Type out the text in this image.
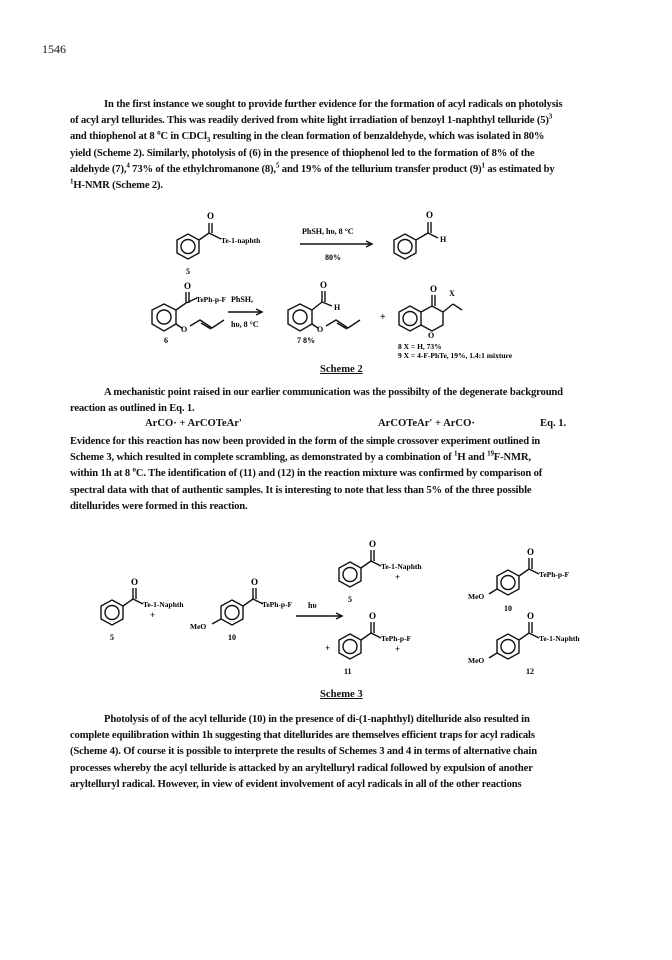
1546

In the first instance we sought to provide further evidence for the formation of acyl radicals on photolysis

of acyl aryl tellurides. This was readily derived from white light irradiation of benzoyl 1-naphthyl telluride $(5)^3$

and thiophenol at 8 $^o$C in CDCl$_3$ resulting in the clean formation of benzaldehyde, which was isolated in 80%

yield (Scheme 2). Similarly, photolysis of (6) in the presence of thiophenol led to the formation of 8% of the

aldehyde (7),$^4$ 73% of the ethylchromanone (8),$^5$ and 19% of the tellurium transfer product $(9)^1$ as estimated by

$^1$H-NMR (Scheme 2).

O
Te-1-naphth
5
PhSH, hυ, 8 °C
80%
O
H
O
TePh-p-F PhSH,
hυ, 8 °C
O
6
O
H
O
7 8%
+
O X
O
8 X = H, 73%
9 X = 4-F-PhTe, 19%, 1.4:1 mixture
Scheme 2

A mechanistic point raised in our earlier communication was the possibilty of the degenerate background

reaction as outlined in Eq. 1.

ArCO· + ArCOTeAr'	ArCOTeAr' + ArCO·	Eq. 1.

Evidence for this reaction has now been provided in the form of the simple crossover experiment outlined in

Scheme 3, which resulted in complete scrambling, as demonstrated by a combination of $^1$H and $^{19}$F-NMR,

within 1h at 8 $^o$C. The identification of (11) and (12) in the reaction mixture was confirmed by comparison of

spectral data with that of authentic samples. It is interesting to note that less than 5% of the three possible

ditellurides were formed in this reaction.

O
Te-1-Naphth
+
5
O
TePh-p-F
MeO
10
hυ
O
Te-1-Naphth
+
5
+
O
TePh-p-F
+
11
O
TePh-p-F
MeO
10
O
Te-1-Naphth
MeO
12
Scheme 3

Photolysis of of the acyl telluride (10) in the presence of di-(1-naphthyl) ditelluride also resulted in

complete equilibration within 1h suggesting that ditellurides are themselves efficient traps for acyl radicals

(Scheme 4). Of course it is possible to interprete the results of Schemes 3 and 4 in terms of alternative chain

processes whereby the acyl telluride is attacked by an aryltelluryl radical followed by expulsion of another

aryltelluryl radical. However, in view of evident involvement of acyl radicals in all of the other reactions
